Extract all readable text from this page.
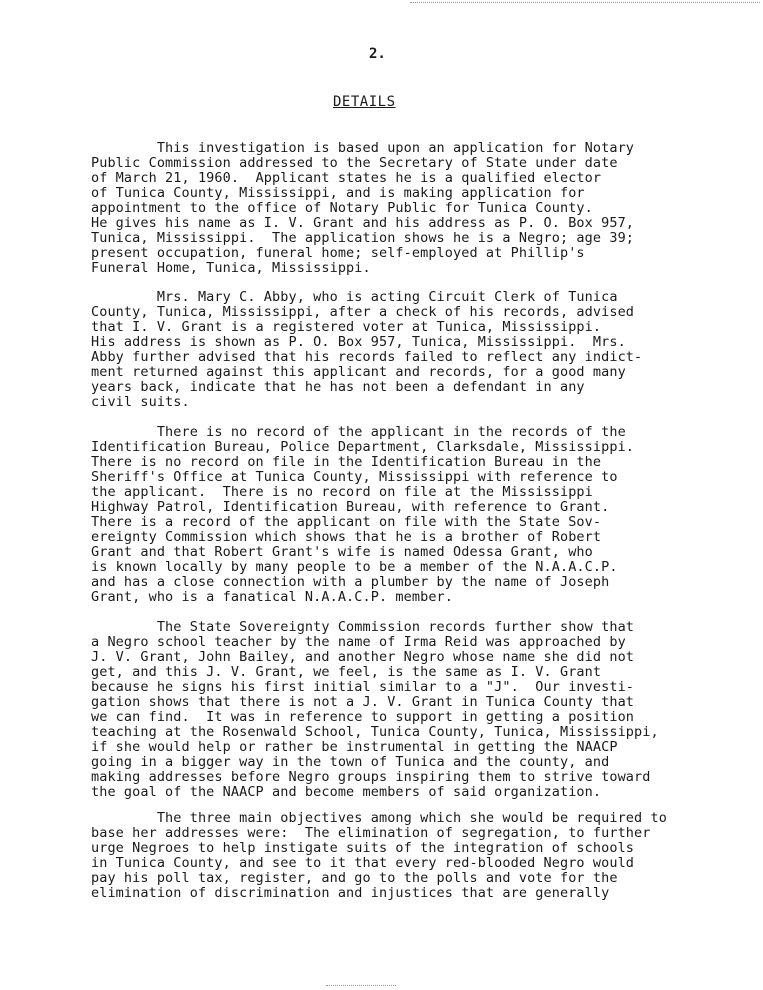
2.
DETAILS

This investigation is based upon an application for Notary
Public Commission addressed to the Secretary of State under date
of March 21, 1960.  Applicant states he is a qualified elector
of Tunica County, Mississippi, and is making application for
appointment to the office of Notary Public for Tunica County.
He gives his name as I. V. Grant and his address as P. O. Box 957,
Tunica, Mississippi.  The application shows he is a Negro; age 39;
present occupation, funeral home; self-employed at Phillip's
Funeral Home, Tunica, Mississippi.

Mrs. Mary C. Abby, who is acting Circuit Clerk of Tunica
County, Tunica, Mississippi, after a check of his records, advised
that I. V. Grant is a registered voter at Tunica, Mississippi.
His address is shown as P. O. Box 957, Tunica, Mississippi.  Mrs.
Abby further advised that his records failed to reflect any indict-
ment returned against this applicant and records, for a good many
years back, indicate that he has not been a defendant in any
civil suits.

There is no record of the applicant in the records of the
Identification Bureau, Police Department, Clarksdale, Mississippi.
There is no record on file in the Identification Bureau in the
Sheriff's Office at Tunica County, Mississippi with reference to
the applicant.  There is no record on file at the Mississippi
Highway Patrol, Identification Bureau, with reference to Grant.
There is a record of the applicant on file with the State Sov-
ereignty Commission which shows that he is a brother of Robert
Grant and that Robert Grant's wife is named Odessa Grant, who
is known locally by many people to be a member of the N.A.A.C.P.
and has a close connection with a plumber by the name of Joseph
Grant, who is a fanatical N.A.A.C.P. member.

The State Sovereignty Commission records further show that
a Negro school teacher by the name of Irma Reid was approached by
J. V. Grant, John Bailey, and another Negro whose name she did not
get, and this J. V. Grant, we feel, is the same as I. V. Grant
because he signs his first initial similar to a "J".  Our investi-
gation shows that there is not a J. V. Grant in Tunica County that
we can find.  It was in reference to support in getting a position
teaching at the Rosenwald School, Tunica County, Tunica, Mississippi,
if she would help or rather be instrumental in getting the NAACP
going in a bigger way in the town of Tunica and the county, and
making addresses before Negro groups inspiring them to strive toward
the goal of the NAACP and become members of said organization.

The three main objectives among which she would be required to
base her addresses were:  The elimination of segregation, to further
urge Negroes to help instigate suits of the integration of schools
in Tunica County, and see to it that every red-blooded Negro would
pay his poll tax, register, and go to the polls and vote for the
elimination of discrimination and injustices that are generally
